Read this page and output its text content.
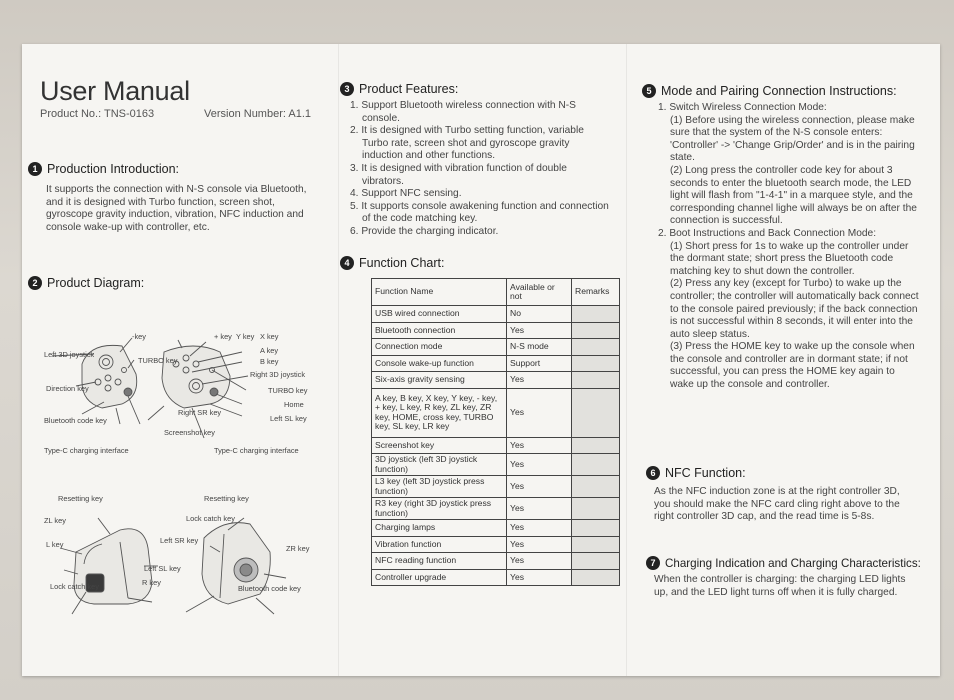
User Manual
Product No.: TNS-0163	Version Number: A1.1
1 Production Introduction:
It supports the connection with N-S console via Bluetooth, and it is designed with Turbo function, screen shot, gyroscope gravity induction, vibration, NFC induction and console wake-up with controller, etc.
2 Product Diagram:
-key
Left 3D joystick
TURBO key
+ key Y key X key
A key
B key
Right 3D joystick
Direction key	TURBO key
Home
Right SR key
Left SL key
Bluetooth code key
Screenshot key
Type-C charging interface	Type-C charging interface
Resetting key	Resetting key
ZL key	Lock catch key
L key	Left SR key
ZR key
Left SL key
R key
Lock catch key	Bluetooth code key
3 Product Features:
1. Support Bluetooth wireless connection with N-S console.
2. It is designed with Turbo setting function, variable Turbo rate, screen shot and gyroscope gravity induction and other functions.
3. It is designed with vibration function of double vibrators.
4. Support NFC sensing.
5. It supports console awakening function and connection of the code matching key.
6. Provide the charging indicator.
4 Function Chart:
Function Name	Available or not	Remarks
USB wired connection	No	
Bluetooth connection	Yes	
Connection mode	N-S mode	
Console wake-up function	Support	
Six-axis gravity sensing	Yes	
A key, B key, X key, Y key, - key, + key, L key, R key, ZL key, ZR key, HOME, cross key, TURBO key, SL key, LR key	Yes	
Screenshot key	Yes	
3D joystick (left 3D joystick function)	Yes	
L3 key (left 3D joystick press function)	Yes	
R3 key (right 3D joystick press function)	Yes	
Charging lamps	Yes	
Vibration function	Yes	
NFC reading function	Yes	
Controller upgrade	Yes	
5 Mode and Pairing Connection Instructions:
1. Switch Wireless Connection Mode:
(1) Before using the wireless connection, please make sure that the system of the N-S console enters: 'Controller' -> 'Change Grip/Order' and is in the pairing state.
(2) Long press the controller code key for about 3 seconds to enter the bluetooth search mode, the LED light will flash from "1-4-1" in a marquee style, and the corresponding channel lighe will always be on after the connection is successful.
2. Boot Instructions and Back Connection Mode:
(1) Short press for 1s to wake up the controller under the dormant state; short press the Bluetooth code matching key to shut down the controller.
(2) Press any key (except for Turbo) to wake up the controller; the controller will automatically back connect to the console paired previously; if the back connection is not successful within 8 seconds, it will enter into the auto sleep status.
(3) Press the HOME key to wake up the console when the console and controller are in dormant state; if not successful, you can press the HOME key again to wake up the console and controller.
6 NFC Function:
As the NFC induction zone is at the right controller 3D, you should make the NFC card cling right above to the right controller 3D cap, and the read time is 5-8s.
7 Charging Indication and Charging Characteristics:
When the controller is charging: the charging LED lights up, and the LED light turns off when it is fully charged.
